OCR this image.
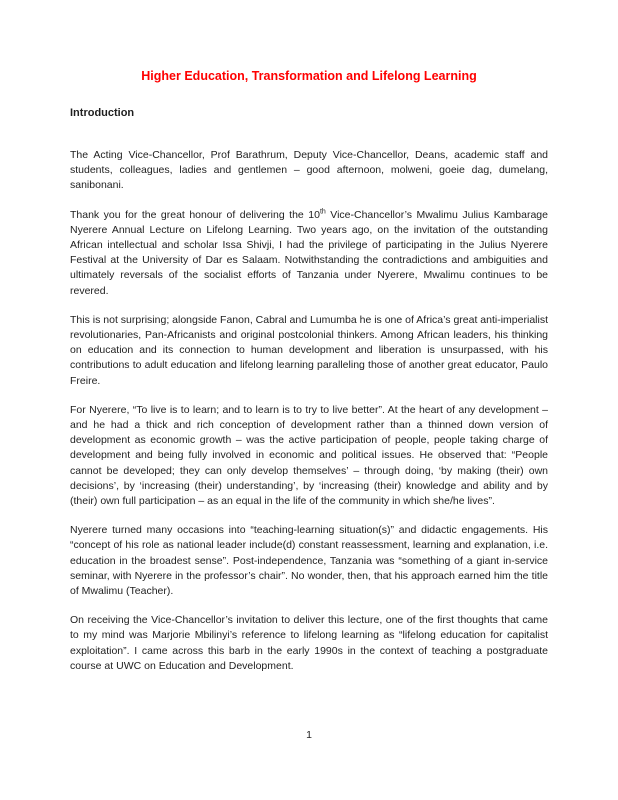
Higher Education, Transformation and Lifelong Learning
Introduction

The Acting Vice-Chancellor, Prof Barathrum, Deputy Vice-Chancellor, Deans, academic staff and students, colleagues, ladies and gentlemen – good afternoon, molweni, goeie dag, dumelang, sanibonani.

Thank you for the great honour of delivering the 10th Vice-Chancellor’s Mwalimu Julius Kambarage Nyerere Annual Lecture on Lifelong Learning. Two years ago, on the invitation of the outstanding African intellectual and scholar Issa Shivji, I had the privilege of participating in the Julius Nyerere Festival at the University of Dar es Salaam. Notwithstanding the contradictions and ambiguities and ultimately reversals of the socialist efforts of Tanzania under Nyerere, Mwalimu continues to be revered.

This is not surprising; alongside Fanon, Cabral and Lumumba he is one of Africa’s great anti-imperialist revolutionaries, Pan-Africanists and original postcolonial thinkers. Among African leaders, his thinking on education and its connection to human development and liberation is unsurpassed, with his contributions to adult education and lifelong learning paralleling those of another great educator, Paulo Freire.

For Nyerere, “To live is to learn; and to learn is to try to live better”. At the heart of any development – and he had a thick and rich conception of development rather than a thinned down version of development as economic growth – was the active participation of people, people taking charge of development and being fully involved in economic and political issues. He observed that: “People cannot be developed; they can only develop themselves’ – through doing, ‘by making (their) own decisions’, by ‘increasing (their) understanding’, by ‘increasing (their) knowledge and ability and by (their) own full participation – as an equal in the life of the community in which she/he lives”.

Nyerere turned many occasions into “teaching-learning situation(s)” and didactic engagements. His “concept of his role as national leader include(d) constant reassessment, learning and explanation, i.e. education in the broadest sense”. Post-independence, Tanzania was “something of a giant in-service seminar, with Nyerere in the professor’s chair”. No wonder, then, that his approach earned him the title of Mwalimu (Teacher).

On receiving the Vice-Chancellor’s invitation to deliver this lecture, one of the first thoughts that came to my mind was Marjorie Mbilinyi’s reference to lifelong learning as “lifelong education for capitalist exploitation”. I came across this barb in the early 1990s in the context of teaching a postgraduate course at UWC on Education and Development.

1
